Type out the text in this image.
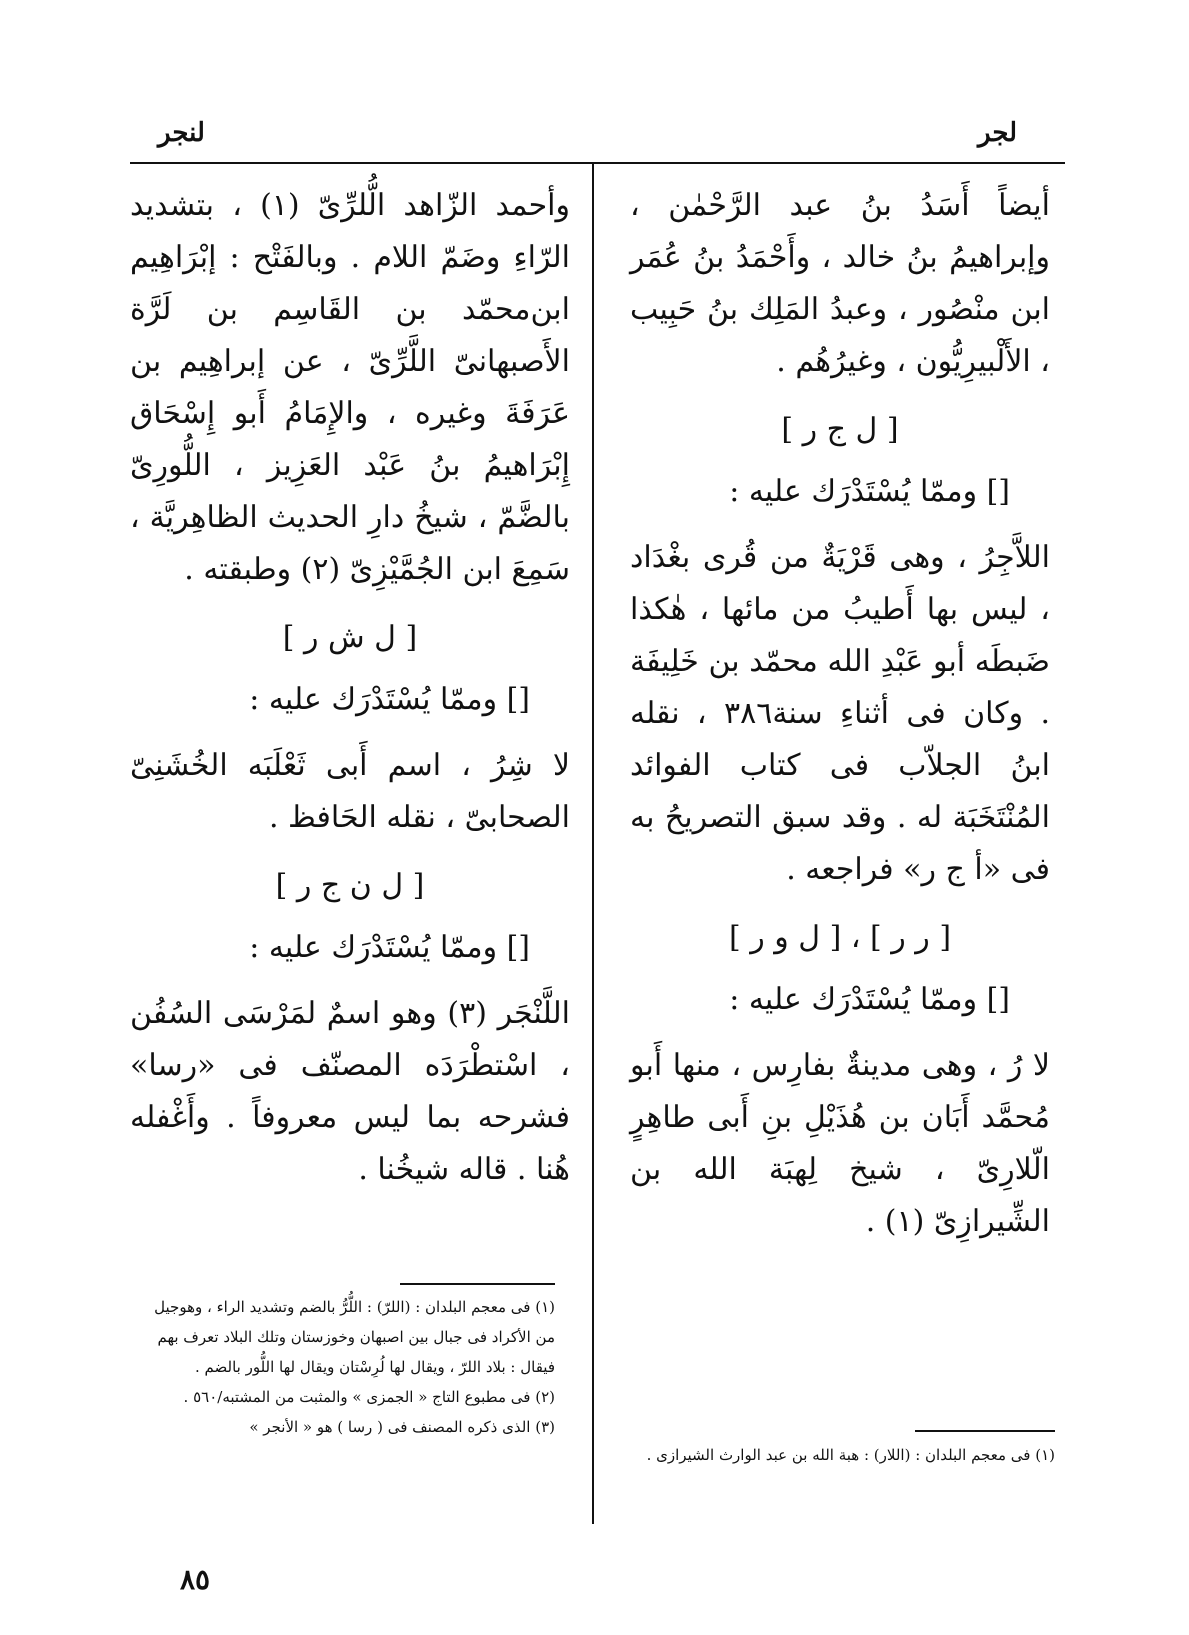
لنجر	لجر

أيضاً أَسَدُ بنُ عبد الرَّحْمٰن ، وإبراهيمُ بنُ خالد ، وأَحْمَدُ بنُ عُمَر ابن منْصُور ، وعبدُ المَلِك بنُ حَبِيب ، الأَلْبيرِيُّون ، وغيرُهُم .

[ ل ج ر ]

[] وممّا يُسْتَدْرَك عليه :

اللاَّجِرُ ، وهى قَرْيَةٌ من قُرى بغْدَاد ، ليس بها أَطيبُ من مائها ، هٰكذا ضَبطَه أبو عَبْدِ الله محمّد بن خَلِيفَة . وكان فى أثناءِ سنة٣٨٦ ، نقله ابنُ الجلاّب فى كتاب الفوائد المُنْتَخَبَة له . وقد سبق التصريحُ به فى «أ ج ر» فراجعه .

[ ر ر ] ، [ ل و ر ]

[] وممّا يُسْتَدْرَك عليه :

لا رُ ، وهى مدينةٌ بفارِس ، منها أَبو مُحمَّد أَبَان بن هُذَيْلِ بنِ أَبى طاهِرٍ الّلارِىّ ، شيخ لِهبَة الله بن الشِّيرازِىّ (١) .

وأحمد الزّاهد الُّلرِّىّ (١) ، بتشديد الرّاءِ وضَمّ اللام . وبالفَتْح : إبْرَاهِيم ابن‌محمّد بن القَاسِم بن لَرَّة الأَصبهانىّ اللَّرِّىّ ، عن إبراهِيم بن عَرَفَةَ وغيره ، والإِمَامُ أَبو إِسْحَاق إِبْرَاهيمُ بنُ عَبْد العَزِيز ، اللُّورِىّ بالضَّمّ ، شيخُ دارِ الحديث الظاهِريَّة ، سَمِعَ ابن الجُمَّيْزِىّ (٢) وطبقته .

[ ل ش ر ]

[] وممّا يُسْتَدْرَك عليه :

لا شِرُ ، اسم أَبى ثَعْلَبَه الخُشَنِىّ الصحابىّ ، نقله الحَافظ .

[ ل ن ج ر ]

[] وممّا يُسْتَدْرَك عليه :

اللَّنْجَر (٣) وهو اسمٌ لمَرْسَى السُفُن ، اسْتطْرَدَه المصنّف فى «رسا» فشرحه بما ليس معروفاً . وأَغْفله هُنا . قاله شيخُنا .

(١) فى معجم البلدان : (اللرّ) : اللُّرُّ بالضم وتشديد الراء ، وهوجيل من الأكراد فى جبال بين اصبهان وخوزستان وتلك البلاد تعرف بهم فيقال : بلاد اللرّ ، ويقال لها لُرِسْتان ويقال لها اللُّور بالضم .
(٢) فى مطبوع التاج « الجمزى » والمثبت من المشتبه/٥٦٠ .
(٣) الذى ذكره المصنف فى ( رسا ) هو « الأنجر »
(١) فى معجم البلدان : (اللار) : هبة الله بن عبد الوارث الشيرازى .
٨٥
